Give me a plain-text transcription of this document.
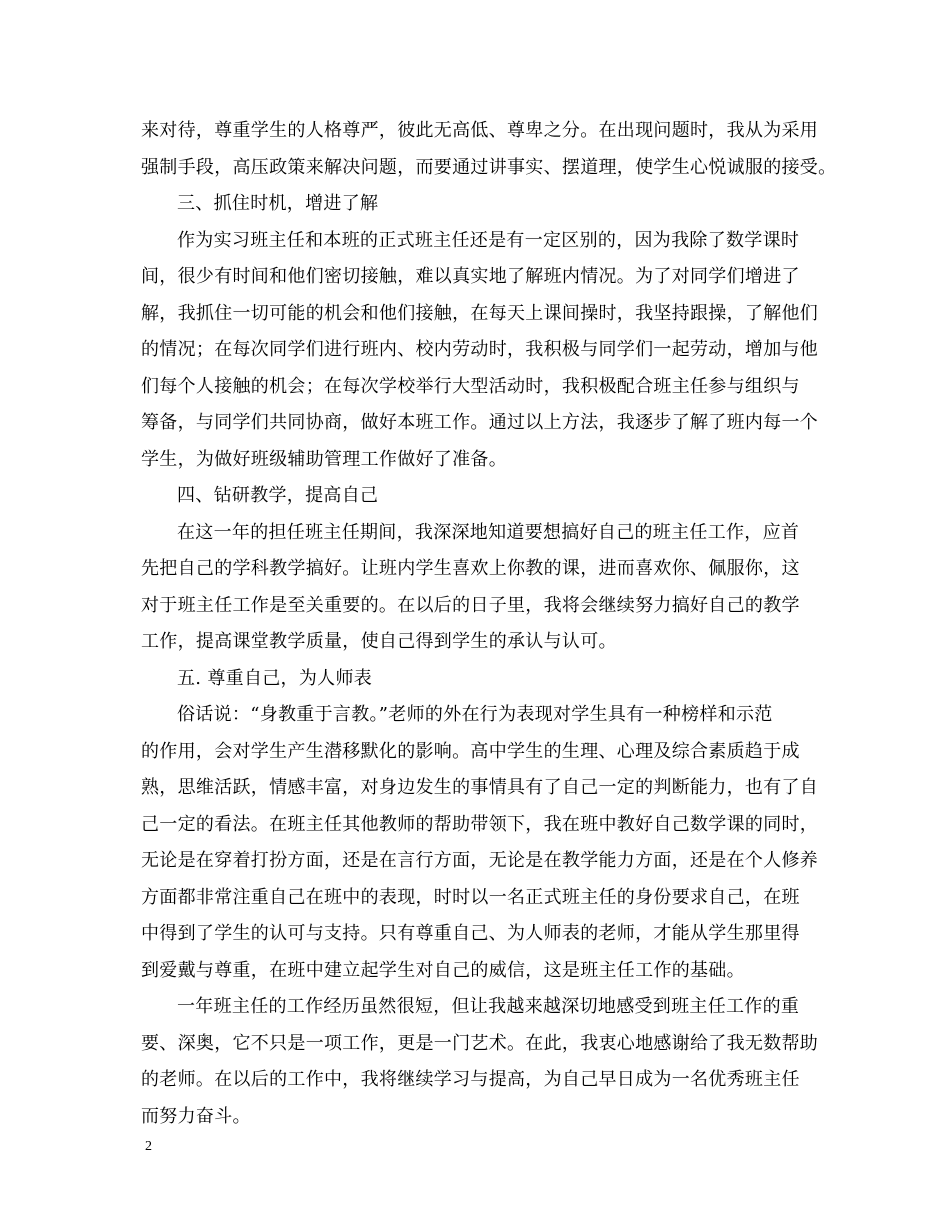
来对待，尊重学生的人格尊严，彼此无高低、尊卑之分。在出现问题时，我从为采用
强制手段，高压政策来解决问题，而要通过讲事实、摆道理，使学生心悦诚服的接受。
三、抓住时机，增进了解
作为实习班主任和本班的正式班主任还是有一定区别的，因为我除了数学课时
间，很少有时间和他们密切接触，难以真实地了解班内情况。为了对同学们增进了
解，我抓住一切可能的机会和他们接触，在每天上课间操时，我坚持跟操，了解他们
的情况；在每次同学们进行班内、校内劳动时，我积极与同学们一起劳动，增加与他
们每个人接触的机会；在每次学校举行大型活动时，我积极配合班主任参与组织与
筹备，与同学们共同协商，做好本班工作。通过以上方法，我逐步了解了班内每一个
学生，为做好班级辅助管理工作做好了准备。
四、钻研教学，提高自己
在这一年的担任班主任期间，我深深地知道要想搞好自己的班主任工作，应首
先把自己的学科教学搞好。让班内学生喜欢上你教的课，进而喜欢你、佩服你，这
对于班主任工作是至关重要的。在以后的日子里，我将会继续努力搞好自己的教学
工作，提高课堂教学质量，使自己得到学生的承认与认可。
五. 尊重自己，为人师表
俗话说：“身教重于言教。”老师的外在行为表现对学生具有一种榜样和示范
的作用，会对学生产生潜移默化的影响。高中学生的生理、心理及综合素质趋于成
熟，思维活跃，情感丰富，对身边发生的事情具有了自己一定的判断能力，也有了自
己一定的看法。在班主任其他教师的帮助带领下，我在班中教好自己数学课的同时，
无论是在穿着打扮方面，还是在言行方面，无论是在教学能力方面，还是在个人修养
方面都非常注重自己在班中的表现，时时以一名正式班主任的身份要求自己，在班
中得到了学生的认可与支持。只有尊重自己、为人师表的老师，才能从学生那里得
到爱戴与尊重，在班中建立起学生对自己的威信，这是班主任工作的基础。
一年班主任的工作经历虽然很短，但让我越来越深切地感受到班主任工作的重
要、深奥，它不只是一项工作，更是一门艺术。在此，我衷心地感谢给了我无数帮助
的老师。在以后的工作中，我将继续学习与提高，为自己早日成为一名优秀班主任
而努力奋斗。
2
